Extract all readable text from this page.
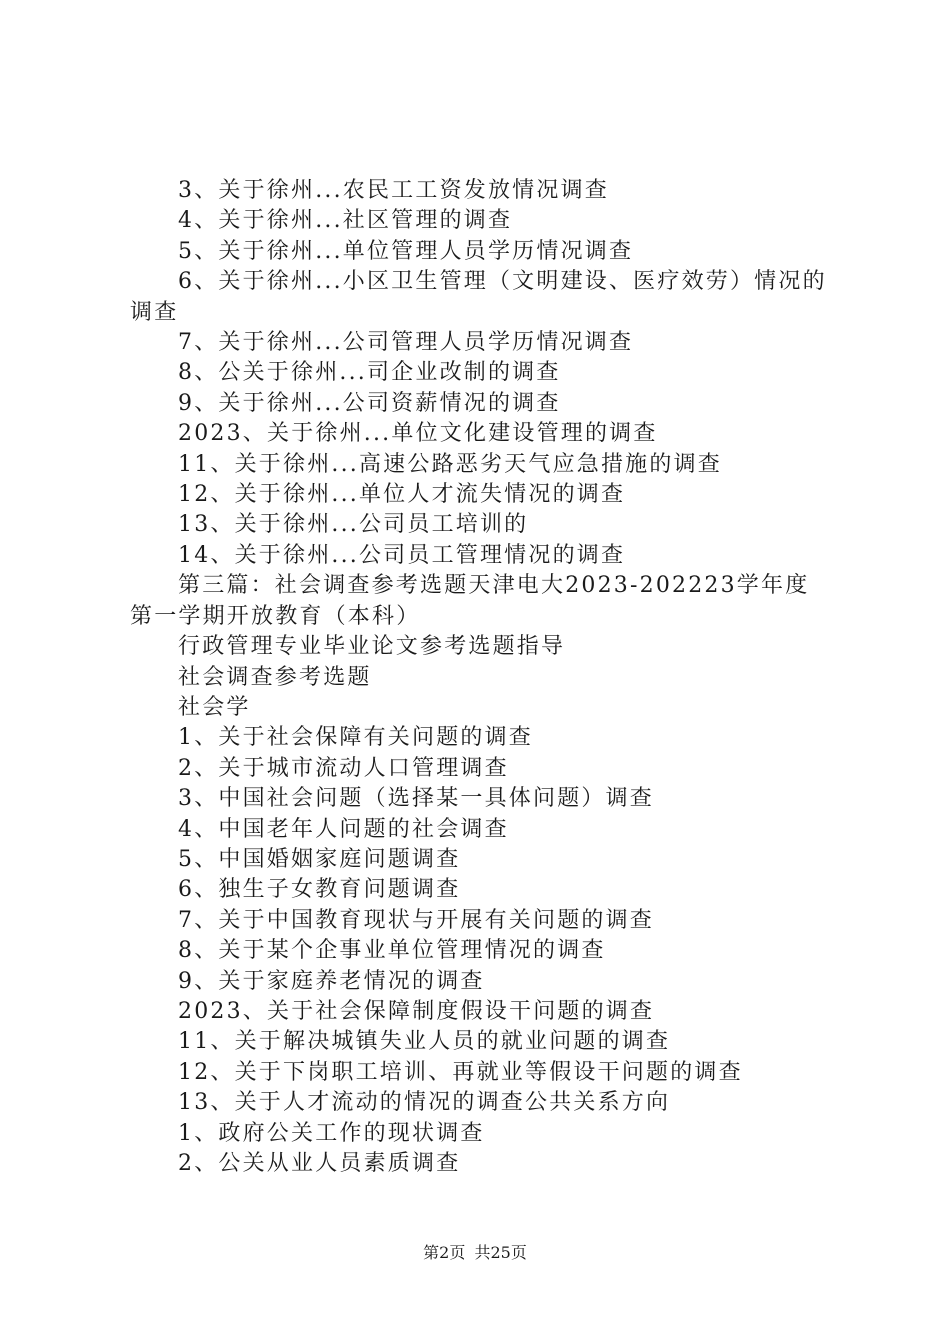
3、关于徐州...农民工工资发放情况调查

4、关于徐州...社区管理的调查

5、关于徐州...单位管理人员学历情况调查

6、关于徐州...小区卫生管理（文明建设、医疗效劳）情况的调查

7、关于徐州...公司管理人员学历情况调查

8、公关于徐州...司企业改制的调查

9、关于徐州...公司资薪情况的调查

2023、关于徐州...单位文化建设管理的调查

11、关于徐州...高速公路恶劣天气应急措施的调查

12、关于徐州...单位人才流失情况的调查

13、关于徐州...公司员工培训的

14、关于徐州...公司员工管理情况的调查

第三篇：社会调查参考选题天津电大2023-202223学年度第一学期开放教育（本科）

行政管理专业毕业论文参考选题指导

社会调查参考选题

社会学

1、关于社会保障有关问题的调查

2、关于城市流动人口管理调查

3、中国社会问题（选择某一具体问题）调查

4、中国老年人问题的社会调查

5、中国婚姻家庭问题调查

6、独生子女教育问题调查

7、关于中国教育现状与开展有关问题的调查

8、关于某个企事业单位管理情况的调查

9、关于家庭养老情况的调查

2023、关于社会保障制度假设干问题的调查

11、关于解决城镇失业人员的就业问题的调查

12、关于下岗职工培训、再就业等假设干问题的调查

13、关于人才流动的情况的调查公共关系方向

1、政府公关工作的现状调查

2、公关从业人员素质调查

第2页 共25页
